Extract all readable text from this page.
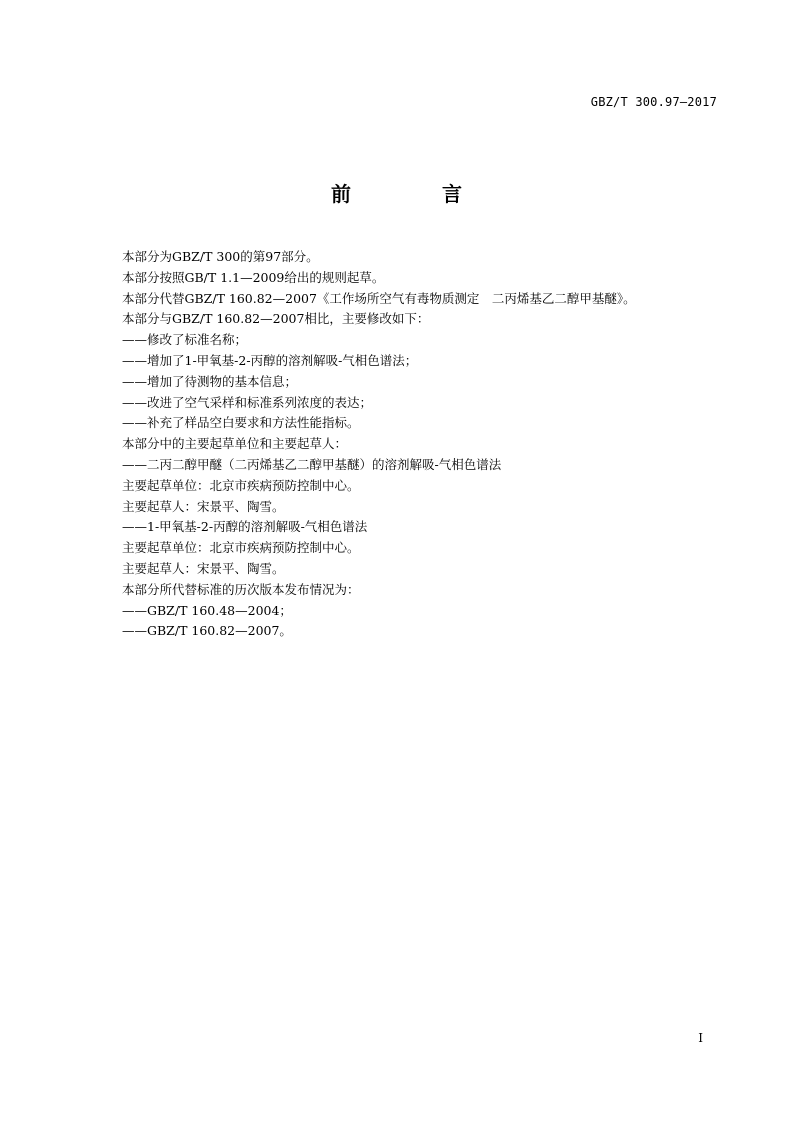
GBZ/T 300.97—2017
前 言
本部分为GBZ/T 300的第97部分。
本部分按照GB/T 1.1—2009给出的规则起草。
本部分代替GBZ/T 160.82—2007《工作场所空气有毒物质测定　二丙烯基乙二醇甲基醚》。
本部分与GBZ/T 160.82—2007相比，主要修改如下：
——修改了标准名称；
——增加了1-甲氧基-2-丙醇的溶剂解吸-气相色谱法；
——增加了待测物的基本信息；
——改进了空气采样和标准系列浓度的表达；
——补充了样品空白要求和方法性能指标。
本部分中的主要起草单位和主要起草人：
——二丙二醇甲醚（二丙烯基乙二醇甲基醚）的溶剂解吸-气相色谱法
主要起草单位：北京市疾病预防控制中心。
主要起草人：宋景平、陶雪。
——1-甲氧基-2-丙醇的溶剂解吸-气相色谱法
主要起草单位：北京市疾病预防控制中心。
主要起草人：宋景平、陶雪。
本部分所代替标准的历次版本发布情况为：
——GBZ/T 160.48—2004；
——GBZ/T 160.82—2007。
I
